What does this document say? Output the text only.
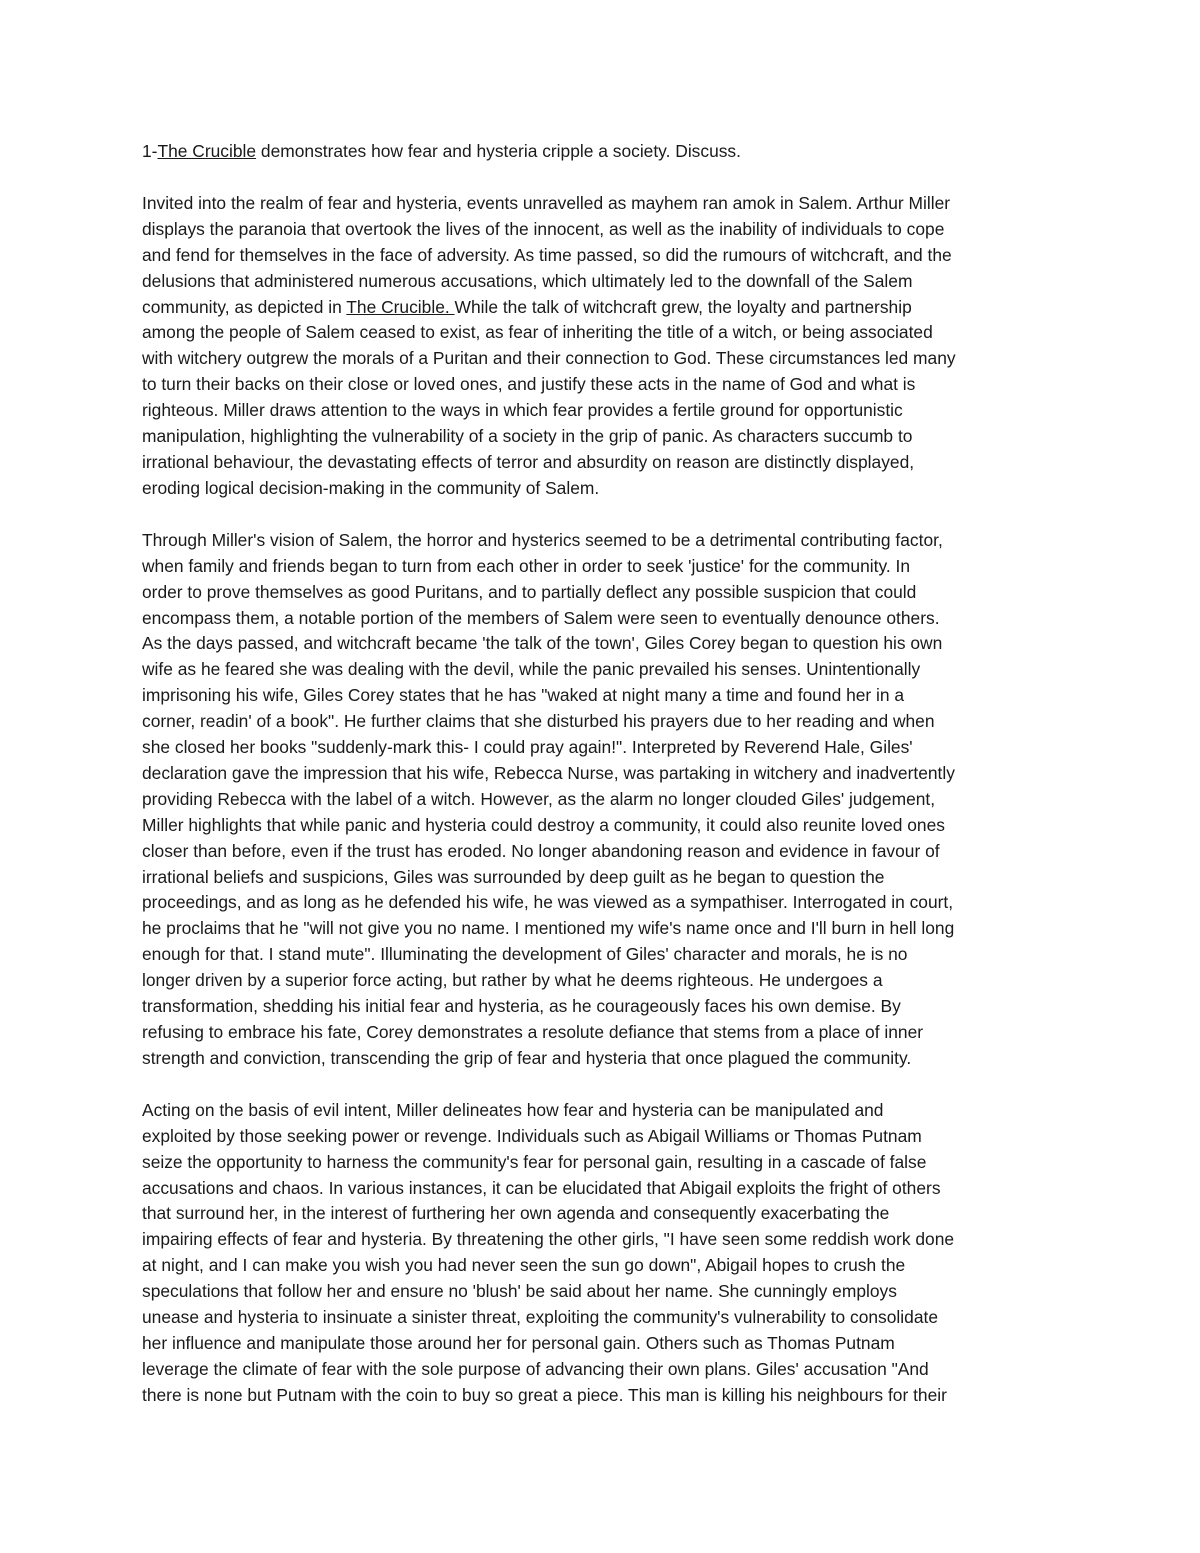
1-The Crucible demonstrates how fear and hysteria cripple a society. Discuss.
Invited into the realm of fear and hysteria, events unravelled as mayhem ran amok in Salem. Arthur Miller
displays the paranoia that overtook the lives of the innocent, as well as the inability of individuals to cope
and fend for themselves in the face of adversity. As time passed, so did the rumours of witchcraft, and the
delusions that administered numerous accusations, which ultimately led to the downfall of the Salem
community, as depicted in The Crucible. While the talk of witchcraft grew, the loyalty and partnership
among the people of Salem ceased to exist, as fear of inheriting the title of a witch, or being associated
with witchery outgrew the morals of a Puritan and their connection to God. These circumstances led many
to turn their backs on their close or loved ones, and justify these acts in the name of God and what is
righteous. Miller draws attention to the ways in which fear provides a fertile ground for opportunistic
manipulation, highlighting the vulnerability of a society in the grip of panic. As characters succumb to
irrational behaviour, the devastating effects of terror and absurdity on reason are distinctly displayed,
eroding logical decision-making in the community of Salem.
Through Miller's vision of Salem, the horror and hysterics seemed to be a detrimental contributing factor,
when family and friends began to turn from each other in order to seek 'justice' for the community. In
order to prove themselves as good Puritans, and to partially deflect any possible suspicion that could
encompass them, a notable portion of the members of Salem were seen to eventually denounce others.
As the days passed, and witchcraft became 'the talk of the town', Giles Corey began to question his own
wife as he feared she was dealing with the devil, while the panic prevailed his senses. Unintentionally
imprisoning his wife, Giles Corey states that he has "waked at night many a time and found her in a
corner, readin' of a book". He further claims that she disturbed his prayers due to her reading and when
she closed her books "suddenly-mark this- I could pray again!". Interpreted by Reverend Hale, Giles'
declaration gave the impression that his wife, Rebecca Nurse, was partaking in witchery and inadvertently
providing Rebecca with the label of a witch. However, as the alarm no longer clouded Giles' judgement,
Miller highlights that while panic and hysteria could destroy a community, it could also reunite loved ones
closer than before, even if the trust has eroded. No longer abandoning reason and evidence in favour of
irrational beliefs and suspicions, Giles was surrounded by deep guilt as he began to question the
proceedings, and as long as he defended his wife, he was viewed as a sympathiser. Interrogated in court,
he proclaims that he "will not give you no name. I mentioned my wife's name once and I'll burn in hell long
enough for that. I stand mute". Illuminating the development of Giles' character and morals, he is no
longer driven by a superior force acting, but rather by what he deems righteous. He undergoes a
transformation, shedding his initial fear and hysteria, as he courageously faces his own demise. By
refusing to embrace his fate, Corey demonstrates a resolute defiance that stems from a place of inner
strength and conviction, transcending the grip of fear and hysteria that once plagued the community.
Acting on the basis of evil intent, Miller delineates how fear and hysteria can be manipulated and
exploited by those seeking power or revenge. Individuals such as Abigail Williams or Thomas Putnam
seize the opportunity to harness the community's fear for personal gain, resulting in a cascade of false
accusations and chaos. In various instances, it can be elucidated that Abigail exploits the fright of others
that surround her, in the interest of furthering her own agenda and consequently exacerbating the
impairing effects of fear and hysteria. By threatening the other girls, "I have seen some reddish work done
at night, and I can make you wish you had never seen the sun go down", Abigail hopes to crush the
speculations that follow her and ensure no 'blush' be said about her name. She cunningly employs
unease and hysteria to insinuate a sinister threat, exploiting the community's vulnerability to consolidate
her influence and manipulate those around her for personal gain. Others such as Thomas Putnam
leverage the climate of fear with the sole purpose of advancing their own plans. Giles' accusation "And
there is none but Putnam with the coin to buy so great a piece. This man is killing his neighbours for their
